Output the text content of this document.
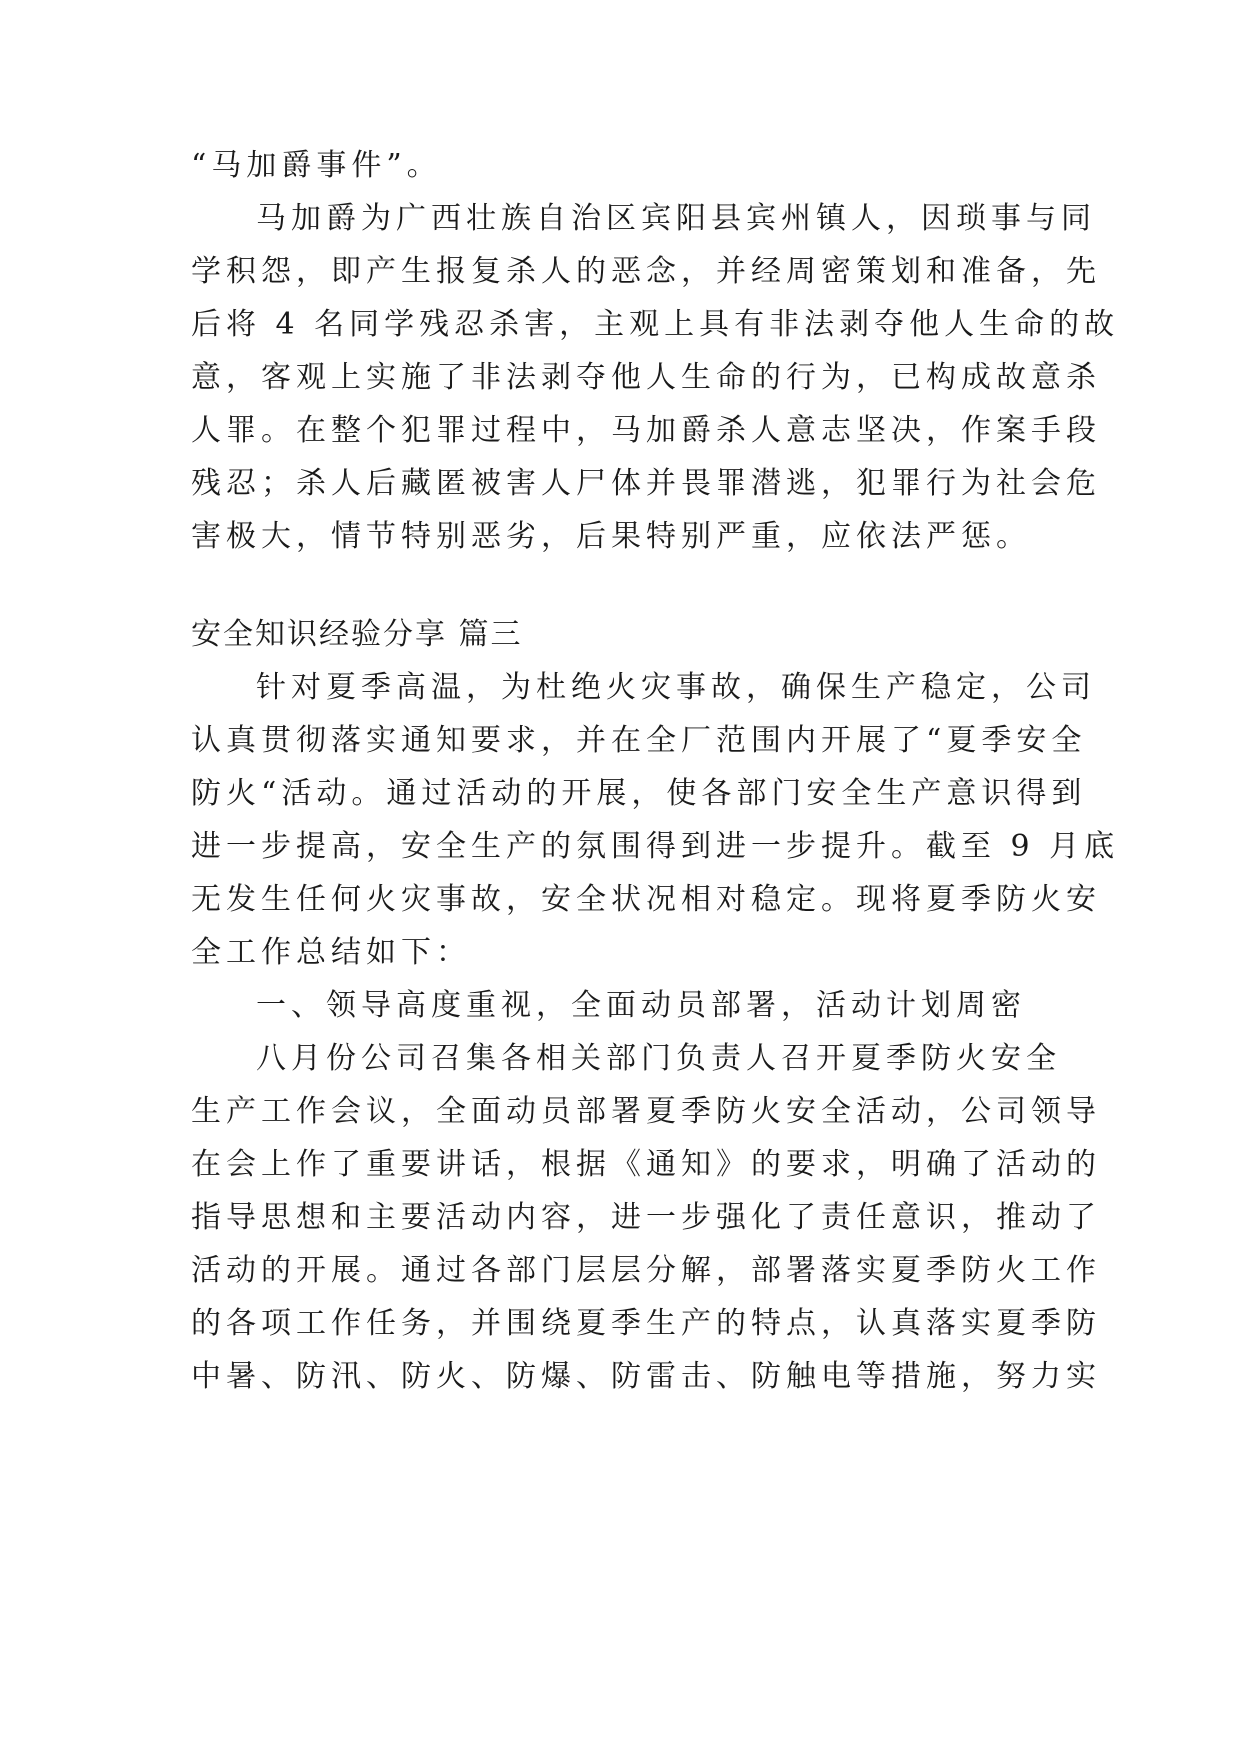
“马加爵事件”。
马加爵为广西壮族自治区宾阳县宾州镇人，因琐事与同
学积怨，即产生报复杀人的恶念，并经周密策划和准备，先
后将 4 名同学残忍杀害，主观上具有非法剥夺他人生命的故
意，客观上实施了非法剥夺他人生命的行为，已构成故意杀
人罪。在整个犯罪过程中，马加爵杀人意志坚决，作案手段
残忍；杀人后藏匿被害人尸体并畏罪潜逃，犯罪行为社会危
害极大，情节特别恶劣，后果特别严重，应依法严惩。
安全知识经验分享 篇三
针对夏季高温，为杜绝火灾事故，确保生产稳定，公司
认真贯彻落实通知要求，并在全厂范围内开展了“夏季安全
防火“活动。通过活动的开展，使各部门安全生产意识得到
进一步提高，安全生产的氛围得到进一步提升。截至 9 月底
无发生任何火灾事故，安全状况相对稳定。现将夏季防火安
全工作总结如下：
一、领导高度重视，全面动员部署，活动计划周密
八月份公司召集各相关部门负责人召开夏季防火安全
生产工作会议，全面动员部署夏季防火安全活动，公司领导
在会上作了重要讲话，根据《通知》的要求，明确了活动的
指导思想和主要活动内容，进一步强化了责任意识，推动了
活动的开展。通过各部门层层分解，部署落实夏季防火工作
的各项工作任务，并围绕夏季生产的特点，认真落实夏季防
中暑、防汛、防火、防爆、防雷击、防触电等措施，努力实
